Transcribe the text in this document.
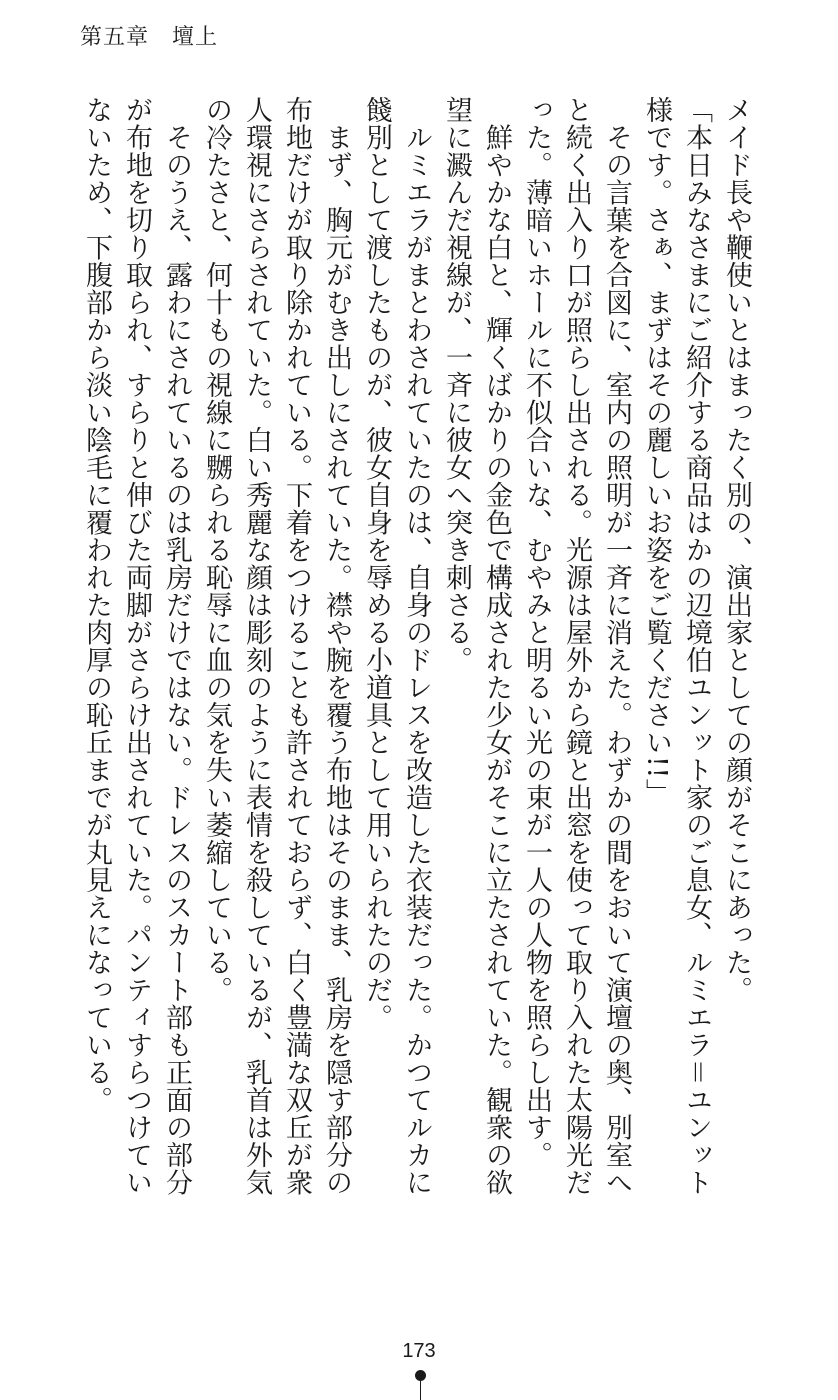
第五章　壇上

メイド長や鞭使いとはまったく別の、演出家としての顔がそこにあった。

「本日みなさまにご紹介する商品はかの辺境伯ユンット家のご息女、ルミエラ＝ユンット

様です。さぁ、まずはその麗しいお姿をご覧ください!!」

　その言葉を合図に、室内の照明が一斉に消えた。わずかの間をおいて演壇の奥、別室へ

と続く出入り口が照らし出される。光源は屋外から鏡と出窓を使って取り入れた太陽光だ

った。薄暗いホールに不似合いな、むやみと明るい光の束が一人の人物を照らし出す。

　鮮やかな白と、輝くばかりの金色で構成された少女がそこに立たされていた。観衆の欲

望に澱んだ視線が、一斉に彼女へ突き刺さる。

　ルミエラがまとわされていたのは、自身のドレスを改造した衣装だった。かつてルカに

餞別として渡したものが、彼女自身を辱める小道具として用いられたのだ。

　まず、胸元がむき出しにされていた。襟や腕を覆う布地はそのまま、乳房を隠す部分の

布地だけが取り除かれている。下着をつけることも許されておらず、白く豊満な双丘が衆

人環視にさらされていた。白い秀麗な顔は彫刻のように表情を殺しているが、乳首は外気

の冷たさと、何十もの視線に嬲られる恥辱に血の気を失い萎縮している。

　そのうえ、露わにされているのは乳房だけではない。ドレスのスカート部も正面の部分

が布地を切り取られ、すらりと伸びた両脚がさらけ出されていた。パンティすらつけてい

ないため、下腹部から淡い陰毛に覆われた肉厚の恥丘までが丸見えになっている。

173
